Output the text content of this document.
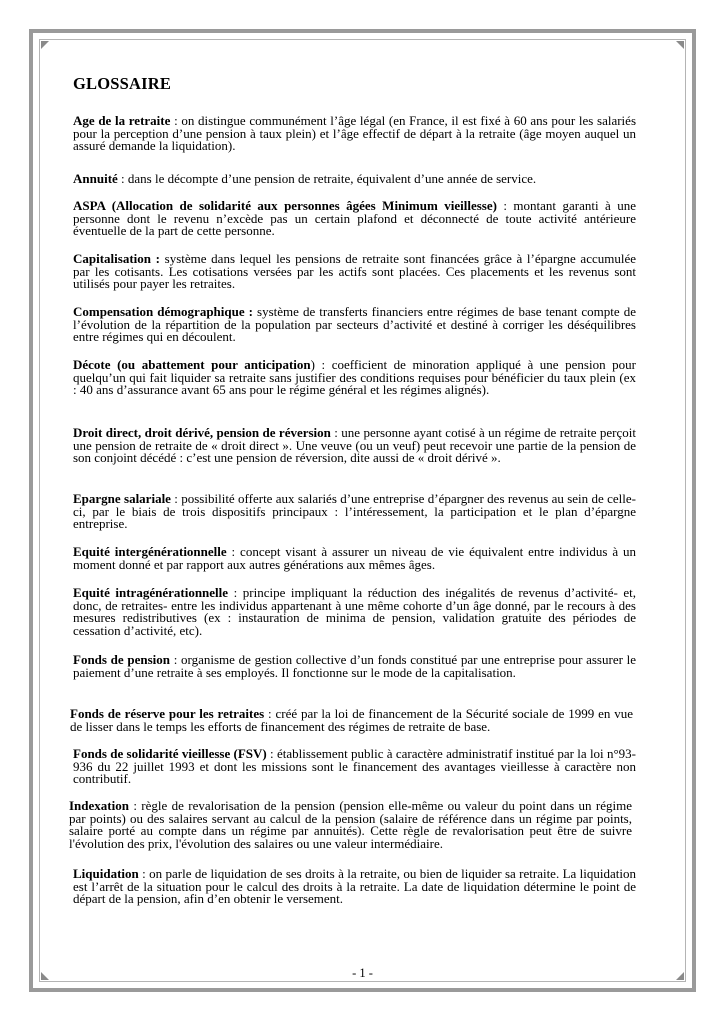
GLOSSAIRE

Age de la retraite : on distingue communément l’âge légal (en France, il est fixé à 60 ans pour les salariés pour la perception d’une pension à taux plein) et l’âge effectif de départ à la retraite (âge moyen auquel un assuré demande la liquidation).

Annuité : dans le décompte d’une pension de retraite, équivalent d’une année de service.

ASPA (Allocation de solidarité aux personnes âgées Minimum vieillesse) : montant garanti à une personne dont le revenu n’excède pas un certain plafond et déconnecté de toute activité antérieure éventuelle de la part de cette personne.

Capitalisation : système dans lequel les pensions de retraite sont financées grâce à l’épargne accumulée par les cotisants. Les cotisations versées par les actifs sont placées. Ces placements et les revenus sont utilisés pour payer les retraites.

Compensation démographique : système de transferts financiers entre régimes de base tenant compte de l’évolution de la répartition de la population par secteurs d’activité et destiné à corriger les déséquilibres entre régimes qui en découlent.

Décote (ou abattement pour anticipation) : coefficient de minoration appliqué à une pension pour quelqu’un qui fait liquider sa retraite sans justifier des conditions requises pour bénéficier du taux plein (ex : 40 ans d’assurance avant 65 ans pour le régime général et les régimes alignés).

Droit direct, droit dérivé, pension de réversion : une personne ayant cotisé à un régime de retraite perçoit une pension de retraite de « droit direct ». Une veuve (ou un veuf) peut recevoir une partie de la pension de son conjoint décédé : c’est une pension de réversion, dite aussi de « droit dérivé ».

Epargne salariale : possibilité offerte aux salariés d’une entreprise d’épargner des revenus au sein de celle-ci, par le biais de trois dispositifs principaux : l’intéressement, la participation et le plan d’épargne entreprise.

Equité intergénérationnelle : concept visant à assurer un niveau de vie équivalent entre individus à un moment donné et par rapport aux autres générations aux mêmes âges.

Equité intragénérationnelle : principe impliquant la réduction des inégalités de revenus d’activité- et, donc, de retraites- entre les individus appartenant à une même cohorte d’un âge donné, par le recours à des mesures redistributives (ex : instauration de minima de pension, validation gratuite des périodes de cessation d’activité, etc).

Fonds de pension : organisme de gestion collective d’un fonds constitué par une entreprise pour assurer le paiement d’une retraite à ses employés. Il fonctionne sur le mode de la capitalisation.

Fonds de réserve pour les retraites : créé par la loi de financement de la Sécurité sociale de 1999 en vue de lisser dans le temps les efforts de financement des régimes de retraite de base.

Fonds de solidarité vieillesse (FSV) : établissement public à caractère administratif institué par la loi n°93-936 du 22 juillet 1993 et dont les missions sont le financement des avantages vieillesse à caractère non contributif.

Indexation : règle de revalorisation de la pension (pension elle-même ou valeur du point dans un régime par points) ou des salaires servant au calcul de la pension (salaire de référence dans un régime par points, salaire porté au compte dans un régime par annuités). Cette règle de revalorisation peut être de suivre l'évolution des prix, l'évolution des salaires ou une valeur intermédiaire.

Liquidation : on parle de liquidation de ses droits à la retraite, ou bien de liquider sa retraite. La liquidation est l’arrêt de la situation pour le calcul des droits à la retraite. La date de liquidation détermine le point de départ de la pension, afin d’en obtenir le versement.

- 1 -
